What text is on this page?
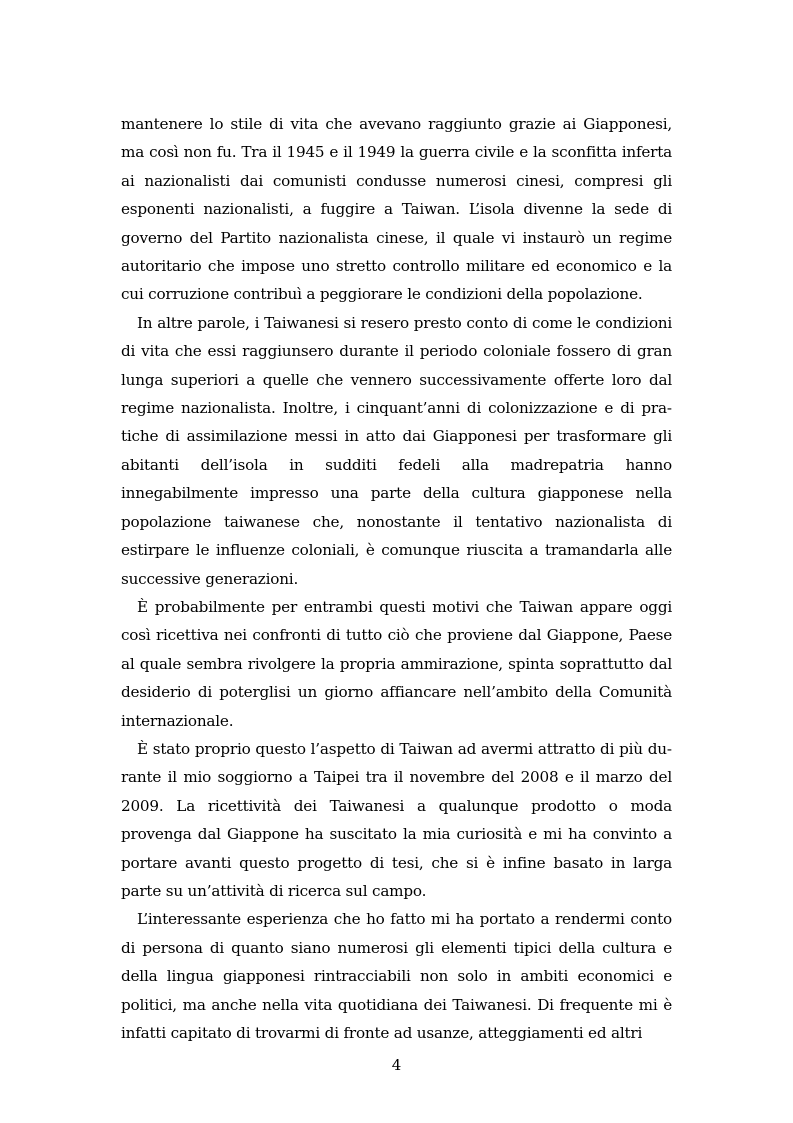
mantenere lo stile di vita che avevano raggiunto grazie ai Giapponesi, ma così non fu. Tra il 1945 e il 1949 la guerra civile e la sconfitta inferta ai nazionalisti dai comunisti condusse numerosi cinesi, compresi gli esponenti nazionalisti, a fuggire a Taiwan. L’isola divenne la sede di governo del Partito nazionalista cinese, il quale vi instaurò un regime autoritario che impose uno stretto controllo militare ed economico e la cui corruzione contribuì a peggiorare le condizioni della popolazione.

In altre parole, i Taiwanesi si resero presto conto di come le condizioni di vita che essi raggiunsero durante il periodo coloniale fossero di gran lunga superiori a quelle che vennero successivamente offerte loro dal regime nazionalista. Inoltre, i cinquant’anni di colonizzazione e di pratiche di assimilazione messi in atto dai Giapponesi per trasformare gli abitanti dell’isola in sudditi fedeli alla madrepatria hanno innegabilmente impresso una parte della cultura giapponese nella popolazione taiwanese che, nonostante il tentativo nazionalista di estirpare le influenze coloniali, è comunque riuscita a tramandarla alle successive generazioni.

È probabilmente per entrambi questi motivi che Taiwan appare oggi così ricettiva nei confronti di tutto ciò che proviene dal Giappone, Paese al quale sembra rivolgere la propria ammirazione, spinta soprattutto dal desiderio di poterglisi un giorno affiancare nell’ambito della Comunità internazionale.

È stato proprio questo l’aspetto di Taiwan ad avermi attratto di più durante il mio soggiorno a Taipei tra il novembre del 2008 e il marzo del 2009. La ricettività dei Taiwanesi a qualunque prodotto o moda provenga dal Giappone ha suscitato la mia curiosità e mi ha convinto a portare avanti questo progetto di tesi, che si è infine basato in larga parte su un’attività di ricerca sul campo.

L’interessante esperienza che ho fatto mi ha portato a rendermi conto di persona di quanto siano numerosi gli elementi tipici della cultura e della lingua giapponesi rintracciabili non solo in ambiti economici e politici, ma anche nella vita quotidiana dei Taiwanesi. Di frequente mi è infatti capitato di trovarmi di fronte ad usanze, atteggiamenti ed altri

4
